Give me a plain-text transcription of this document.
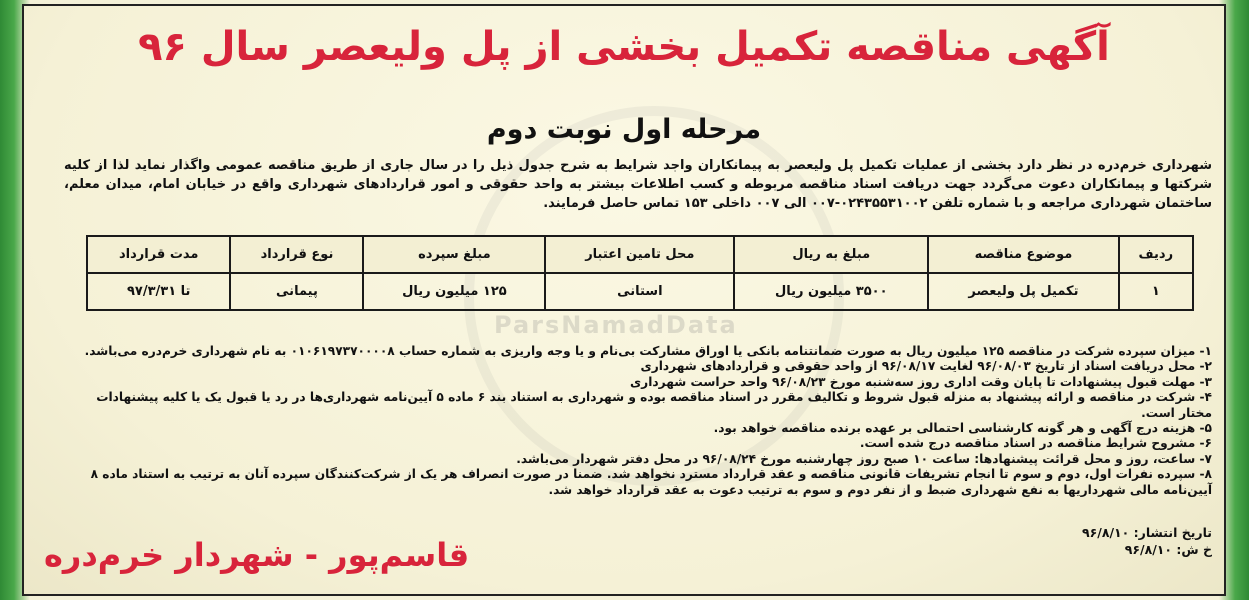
ParsNamadData
آگهی مناقصه تکمیل بخشی از پل ولیعصر سال ۹۶
مرحله اول نوبت دوم
شهرداری خرم‌دره در نظر دارد بخشی از عملیات تکمیل پل ولیعصر به پیمانکاران واجد شرایط به شرح جدول ذیل را در سال جاری از طریق مناقصه عمومی واگذار نماید لذا از کلیه شرکتها و پیمانکاران دعوت می‌گردد جهت دریافت اسناد مناقصه مربوطه و کسب اطلاعات بیشتر به واحد حقوقی و امور قراردادهای شهرداری واقع در خیابان امام، میدان معلم، ساختمان شهرداری مراجعه و با شماره تلفن ۰۲۴۳۵۵۳۱۰۰۲-۰۰۷ الی ۰۰۷ داخلی ۱۵۳ تماس حاصل فرمایند.
ردیف	موضوع مناقصه	مبلغ به ریال	محل تامین اعتبار	مبلغ سپرده	نوع قرارداد	مدت قرارداد
۱	تکمیل پل ولیعصر	۳۵۰۰ میلیون ریال	استانی	۱۲۵ میلیون ریال	پیمانی	تا ۹۷/۳/۳۱
۱- میزان سپرده شرکت در مناقصه ۱۲۵ میلیون ریال به صورت ضمانتنامه بانکی یا اوراق مشارکت بی‌نام و یا وجه واریزی به شماره حساب ۰۱۰۶۱۹۷۳۷۰۰۰۰۸ به نام شهرداری خرم‌دره می‌باشد.
۲- محل دریافت اسناد از تاریخ ۹۶/۰۸/۰۳ لغایت ۹۶/۰۸/۱۷ از واحد حقوقی و قراردادهای شهرداری
۳- مهلت قبول پیشنهادات تا پایان وقت اداری روز سه‌شنبه مورخ ۹۶/۰۸/۲۳ واحد حراست شهرداری
۴- شرکت در مناقصه و ارائه پیشنهاد به منزله قبول شروط و تکالیف مقرر در اسناد مناقصه بوده و شهرداری به استناد بند ۶ ماده ۵ آیین‌نامه شهرداری‌ها در رد یا قبول یک یا کلیه پیشنهادات مختار است.
۵- هزینه درج آگهی و هر گونه کارشناسی احتمالی بر عهده برنده مناقصه خواهد بود.
۶- مشروح شرایط مناقصه در اسناد مناقصه درج شده است.
۷- ساعت، روز و محل قرائت پیشنهادها: ساعت ۱۰ صبح روز چهارشنبه مورخ ۹۶/۰۸/۲۴ در محل دفتر شهردار می‌باشد.
۸- سپرده نفرات اول، دوم و سوم تا انجام تشریفات قانونی مناقصه و عقد قرارداد مسترد نخواهد شد. ضمنا در صورت انصراف هر یک از شرکت‌کنندگان سپرده آنان به ترتیب به استناد ماده ۸ آیین‌نامه مالی شهرداریها به نفع شهرداری ضبط و از نفر دوم و سوم به ترتیب دعوت به عقد قرارداد خواهد شد.
تاریخ انتشار: ۹۶/۸/۱۰
خ ش: ۹۶/۸/۱۰
قاسم‌پور - شهردار خرم‌دره
